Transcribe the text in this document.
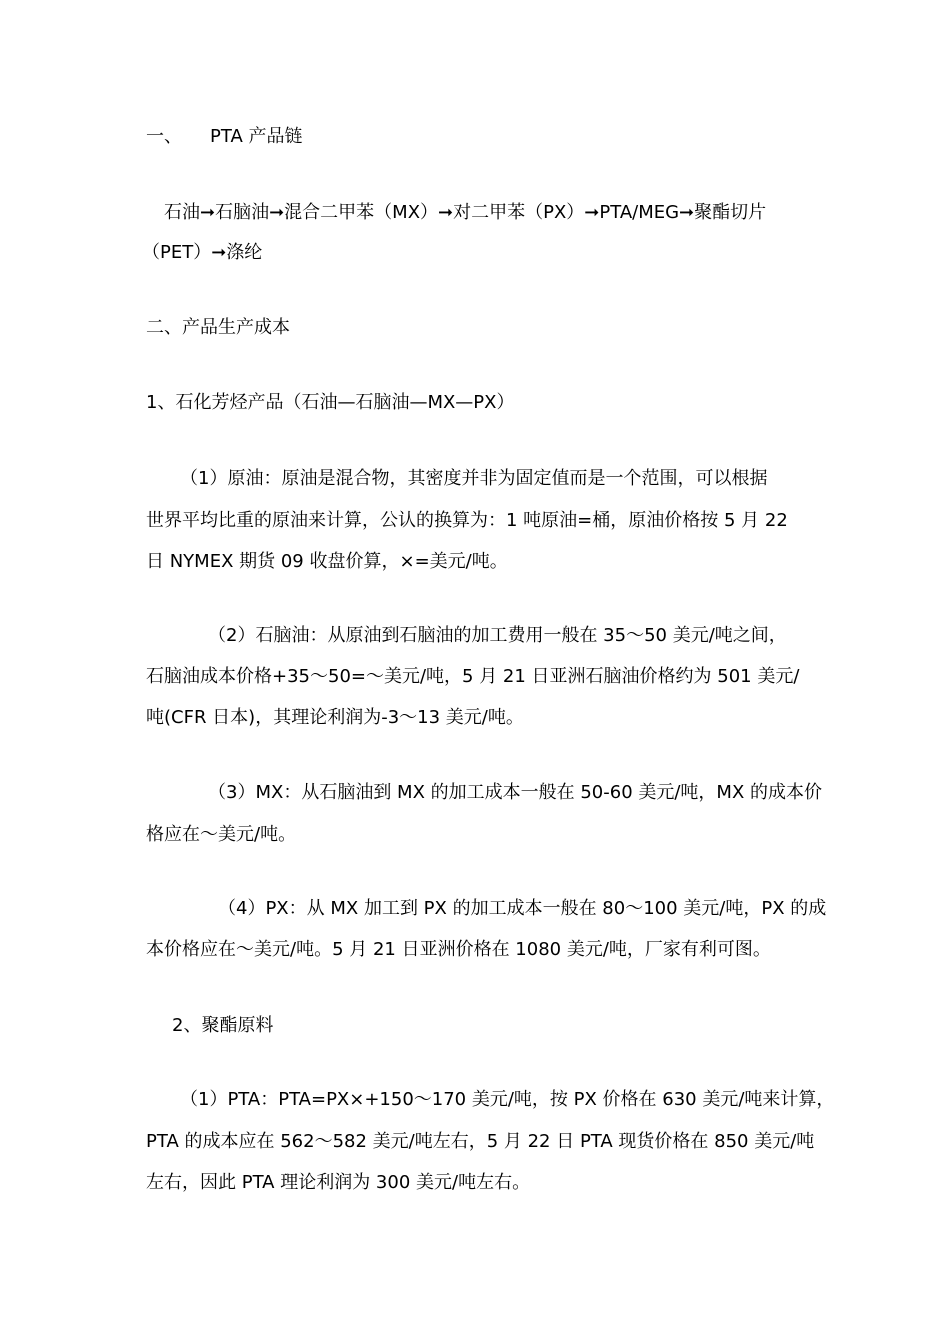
一、 PTA 产品链
石油➞石脑油➞混合二甲苯（MX）➞对二甲苯（PX）➞PTA/MEG➞聚酯切片
（PET）➞涤纶
二、产品生产成本
1、石化芳烃产品（石油—石脑油—MX—PX）
（1）原油：原油是混合物，其密度并非为固定值而是一个范围，可以根据
世界平均比重的原油来计算，公认的换算为：1 吨原油=桶，原油价格按 5 月 22
日 NYMEX 期货 09 收盘价算，×=美元/吨。
（2）石脑油：从原油到石脑油的加工费用一般在 35～50 美元/吨之间，
石脑油成本价格+35～50=～美元/吨，5 月 21 日亚洲石脑油价格约为 501 美元/
吨(CFR 日本)，其理论利润为-3～13 美元/吨。
（3）MX：从石脑油到 MX 的加工成本一般在 50-60 美元/吨，MX 的成本价
格应在～美元/吨。
（4）PX：从 MX 加工到 PX 的加工成本一般在 80～100 美元/吨，PX 的成
本价格应在～美元/吨。5 月 21 日亚洲价格在 1080 美元/吨，厂家有利可图。
2、聚酯原料
（1）PTA：PTA=PX×+150～170 美元/吨，按 PX 价格在 630 美元/吨来计算，
PTA 的成本应在 562～582 美元/吨左右，5 月 22 日 PTA 现货价格在 850 美元/吨
左右，因此 PTA 理论利润为 300 美元/吨左右。
